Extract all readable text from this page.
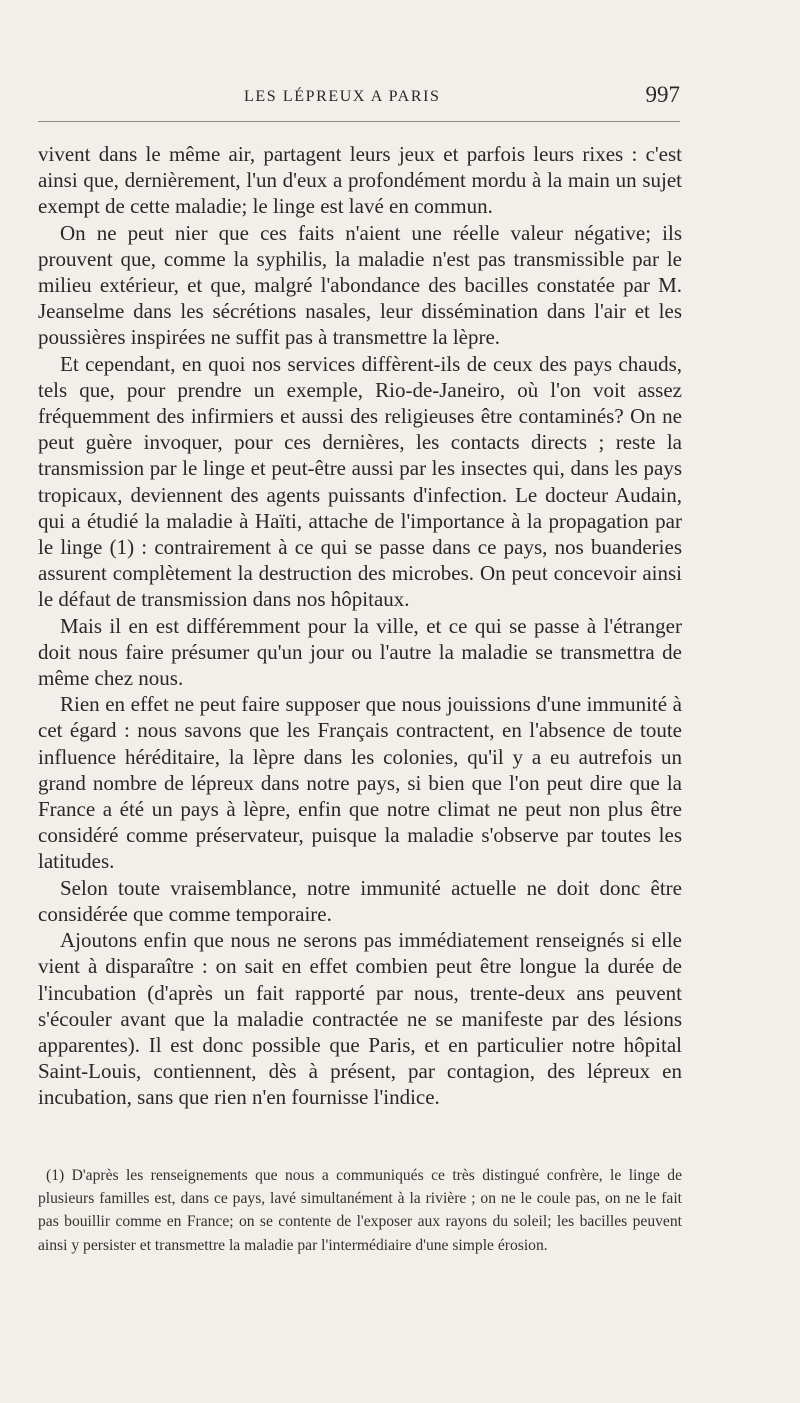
LES LÉPREUX A PARIS	997

vivent dans le même air, partagent leurs jeux et parfois leurs rixes : c'est ainsi que, dernièrement, l'un d'eux a profondément mordu à la main un sujet exempt de cette maladie; le linge est lavé en commun.

On ne peut nier que ces faits n'aient une réelle valeur négative; ils prouvent que, comme la syphilis, la maladie n'est pas transmissible par le milieu extérieur, et que, malgré l'abondance des bacilles constatée par M. Jeanselme dans les sécrétions nasales, leur dissémination dans l'air et les poussières inspirées ne suffit pas à transmettre la lèpre.

Et cependant, en quoi nos services diffèrent-ils de ceux des pays chauds, tels que, pour prendre un exemple, Rio-de-Janeiro, où l'on voit assez fréquemment des infirmiers et aussi des religieuses être contaminés? On ne peut guère invoquer, pour ces dernières, les contacts directs ; reste la transmission par le linge et peut-être aussi par les insectes qui, dans les pays tropicaux, deviennent des agents puissants d'infection. Le docteur Audain, qui a étudié la maladie à Haïti, attache de l'importance à la propagation par le linge (1) : contrairement à ce qui se passe dans ce pays, nos buanderies assurent complètement la destruction des microbes. On peut concevoir ainsi le défaut de transmission dans nos hôpitaux.

Mais il en est différemment pour la ville, et ce qui se passe à l'étranger doit nous faire présumer qu'un jour ou l'autre la maladie se transmettra de même chez nous.

Rien en effet ne peut faire supposer que nous jouissions d'une immunité à cet égard : nous savons que les Français contractent, en l'absence de toute influence héréditaire, la lèpre dans les colonies, qu'il y a eu autrefois un grand nombre de lépreux dans notre pays, si bien que l'on peut dire que la France a été un pays à lèpre, enfin que notre climat ne peut non plus être considéré comme préservateur, puisque la maladie s'observe par toutes les latitudes.

Selon toute vraisemblance, notre immunité actuelle ne doit donc être considérée que comme temporaire.

Ajoutons enfin que nous ne serons pas immédiatement renseignés si elle vient à disparaître : on sait en effet combien peut être longue la durée de l'incubation (d'après un fait rapporté par nous, trente-deux ans peuvent s'écouler avant que la maladie contractée ne se manifeste par des lésions apparentes). Il est donc possible que Paris, et en particulier notre hôpital Saint-Louis, contiennent, dès à présent, par contagion, des lépreux en incubation, sans que rien n'en fournisse l'indice.

(1) D'après les renseignements que nous a communiqués ce très distingué confrère, le linge de plusieurs familles est, dans ce pays, lavé simultanément à la rivière ; on ne le coule pas, on ne le fait pas bouillir comme en France; on se contente de l'exposer aux rayons du soleil; les bacilles peuvent ainsi y persister et transmettre la maladie par l'intermédiaire d'une simple érosion.
